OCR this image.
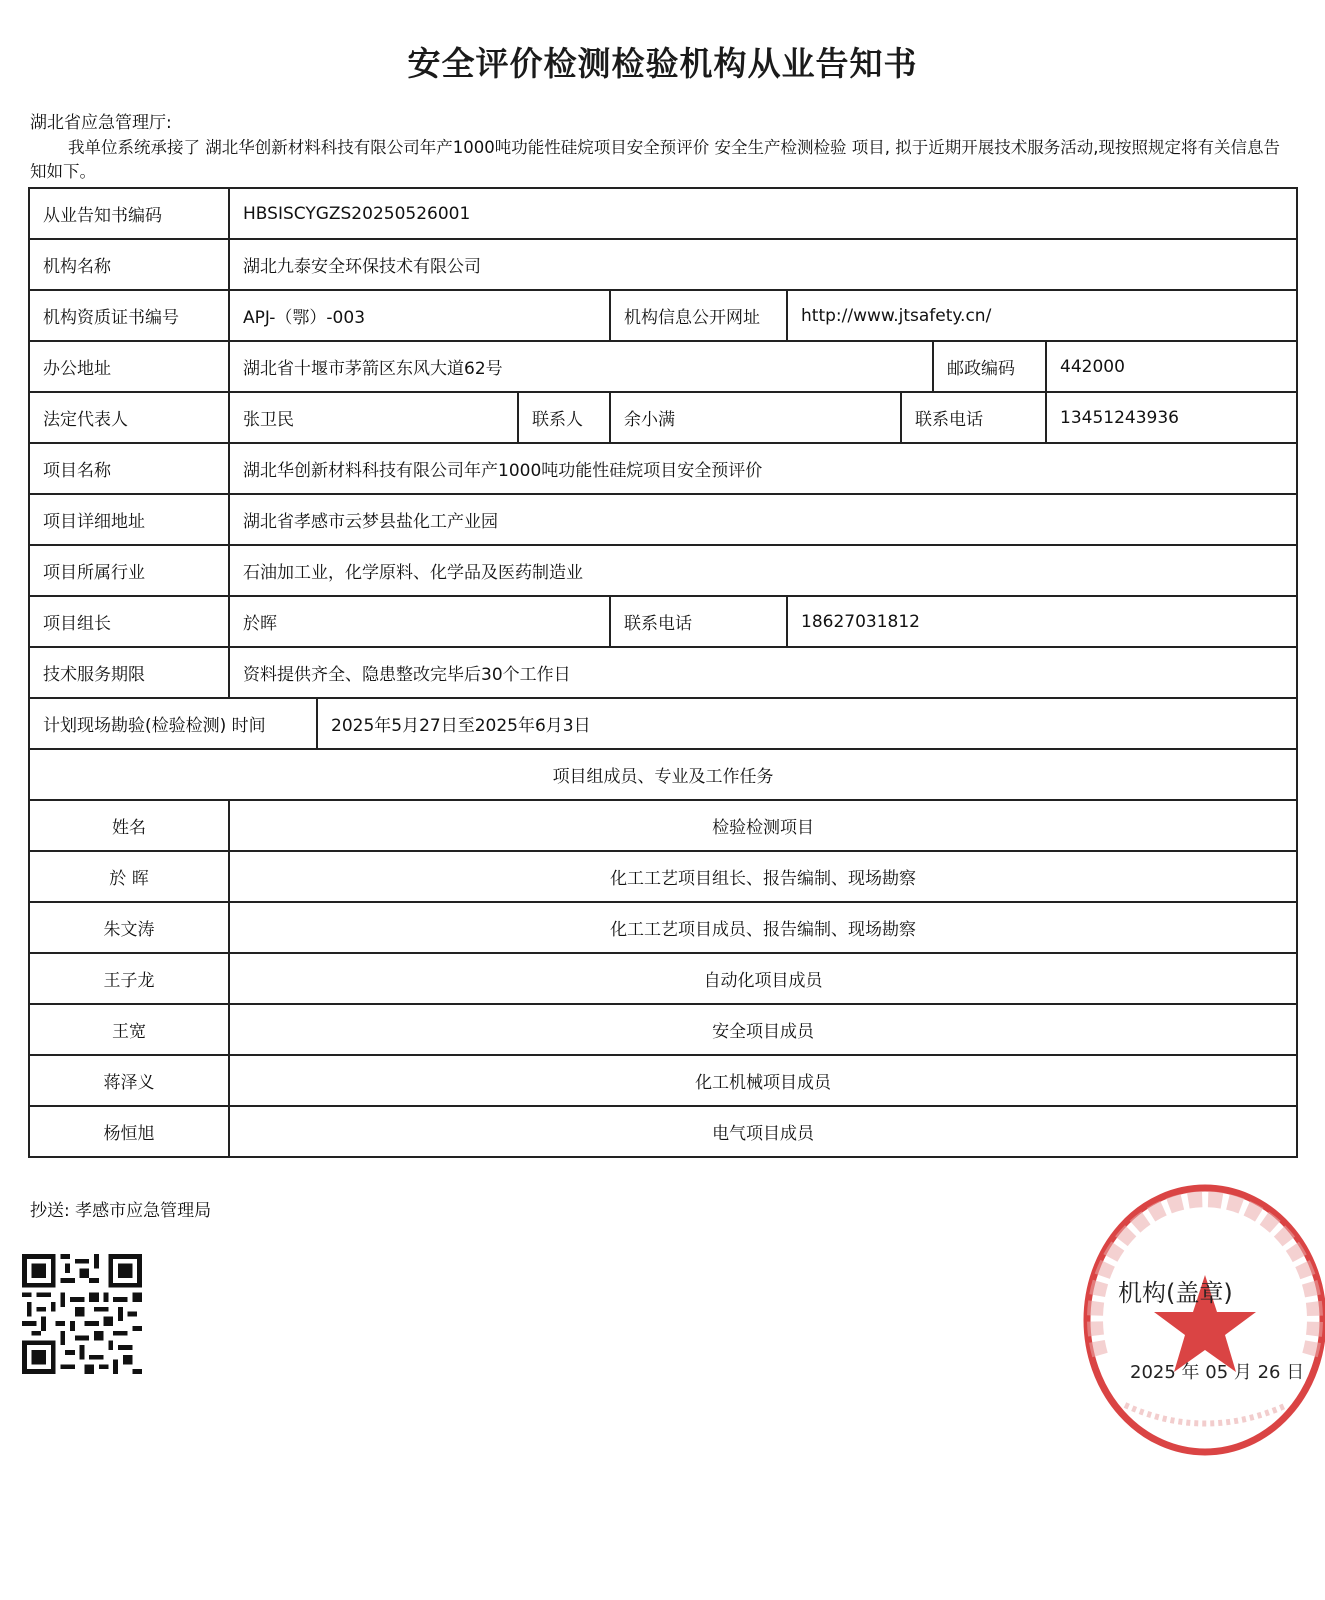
安全评价检测检验机构从业告知书
湖北省应急管理厅:
我单位系统承接了 湖北华创新材料科技有限公司年产1000吨功能性硅烷项目安全预评价 安全生产检测检验 项目, 拟于近期开展技术服务活动,现按照规定将有关信息告知如下。
从业告知书编码	HBSISCYGZS20250526001							
机构名称	湖北九泰安全环保技术有限公司							
机构资质证书编号	APJ-（鄂）-003			机构信息公开网址	http://www.jtsafety.cn/			
办公地址	湖北省十堰市茅箭区东风大道62号						邮政编码	442000
法定代表人	张卫民		联系人	余小满		联系电话		13451243936
项目名称	湖北华创新材料科技有限公司年产1000吨功能性硅烷项目安全预评价							
项目详细地址	湖北省孝感市云梦县盐化工产业园							
项目所属行业	石油加工业，化学原料、化学品及医药制造业							
项目组长	於晖			联系电话	18627031812			
技术服务期限	资料提供齐全、隐患整改完毕后30个工作日							
计划现场勘验(检验检测) 时间		2025年5月27日至2025年6月3日						
项目组成员、专业及工作任务								
姓名	检验检测项目							
於 晖	化工工艺项目组长、报告编制、现场勘察							
朱文涛	化工工艺项目成员、报告编制、现场勘察							
王子龙	自动化项目成员							
王宽	安全项目成员							
蒋泽义	化工机械项目成员							
杨恒旭	电气项目成员							
抄送: 孝感市应急管理局
机构(盖章)
2025 年 05 月 26 日
